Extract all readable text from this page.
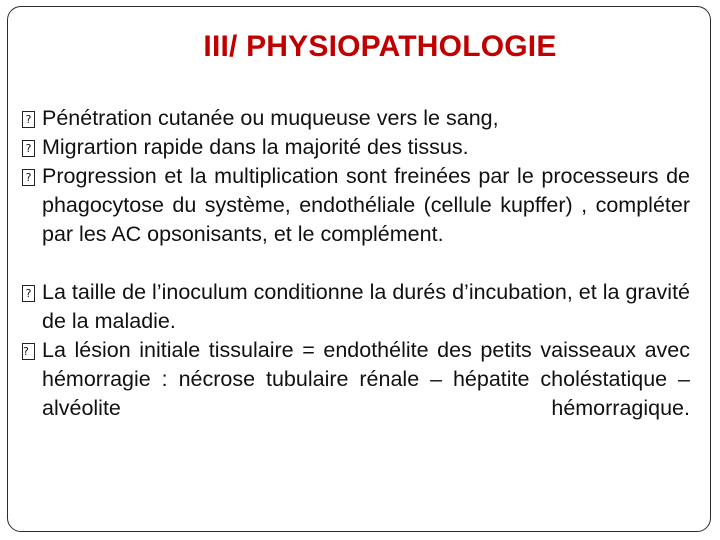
III/ PHYSIOPATHOLOGIE
? Pénétration cutanée ou muqueuse vers le sang,
? Migrartion rapide dans la majorité des tissus.
? Progression et la multiplication sont freinées par le processeurs de phagocytose du système, endothéliale (cellule kupffer) , compléter par les AC opsonisants, et le complément.
? La taille de l’inoculum conditionne la durés d’incubation, et la gravité de la maladie.
? La lésion initiale tissulaire = endothélite des petits vaisseaux avec hémorragie : nécrose tubulaire rénale – hépatite choléstatique – alvéolite hémorragique.
